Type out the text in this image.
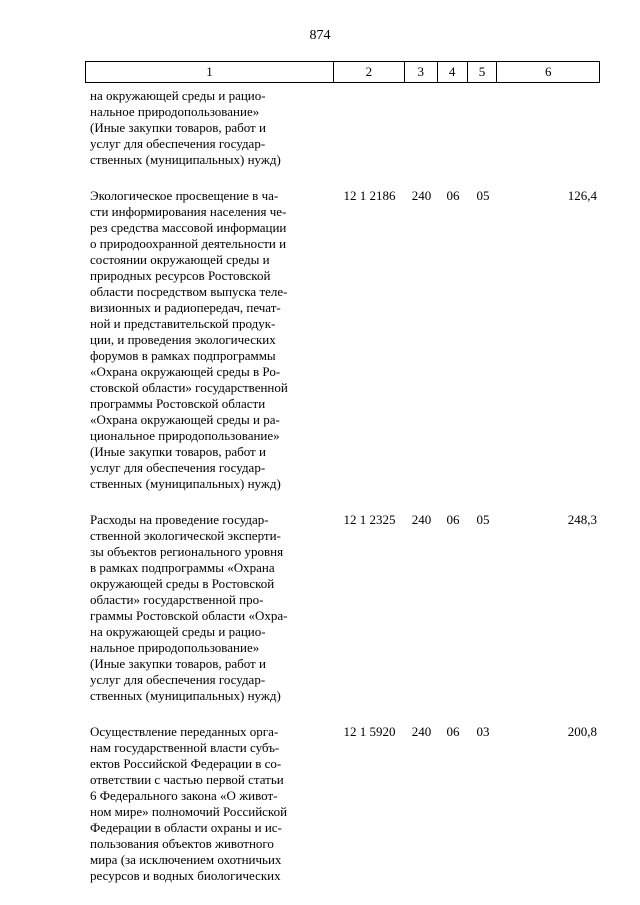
874
1	2	3	4	5	6
на окружающей среды и рацио-
нальное природопользование»
(Иные закупки товаров, работ и
услуг для обеспечения государ-
ственных (муниципальных) нужд)
Экологическое просвещение в ча-
сти информирования населения че-
рез средства массовой информации
о природоохранной деятельности и
состоянии окружающей среды и
природных ресурсов Ростовской
области посредством выпуска теле-
визионных и радиопередач, печат-
ной и представительской продук-
ции, и проведения экологических
форумов в рамках подпрограммы
«Охрана окружающей среды в Ро-
стовской области» государственной
программы Ростовской области
«Охрана окружающей среды и ра-
циональное природопользование»
(Иные закупки товаров, работ и
услуг для обеспечения государ-
ственных (муниципальных) нужд)
12 1 2186	240	06	05	126,4
Расходы на проведение государ-
ственной экологической эксперти-
зы объектов регионального уровня
в рамках подпрограммы «Охрана
окружающей среды в Ростовской
области» государственной про-
граммы Ростовской области «Охра-
на окружающей среды и рацио-
нальное природопользование»
(Иные закупки товаров, работ и
услуг для обеспечения государ-
ственных (муниципальных) нужд)
12 1 2325	240	06	05	248,3
Осуществление переданных орга-
нам государственной власти субъ-
ектов Российской Федерации в со-
ответствии с частью первой статьи
6 Федерального закона «О живот-
ном мире» полномочий Российской
Федерации в области охраны и ис-
пользования объектов животного
мира (за исключением охотничьих
ресурсов и водных биологических
12 1 5920	240	06	03	200,8
